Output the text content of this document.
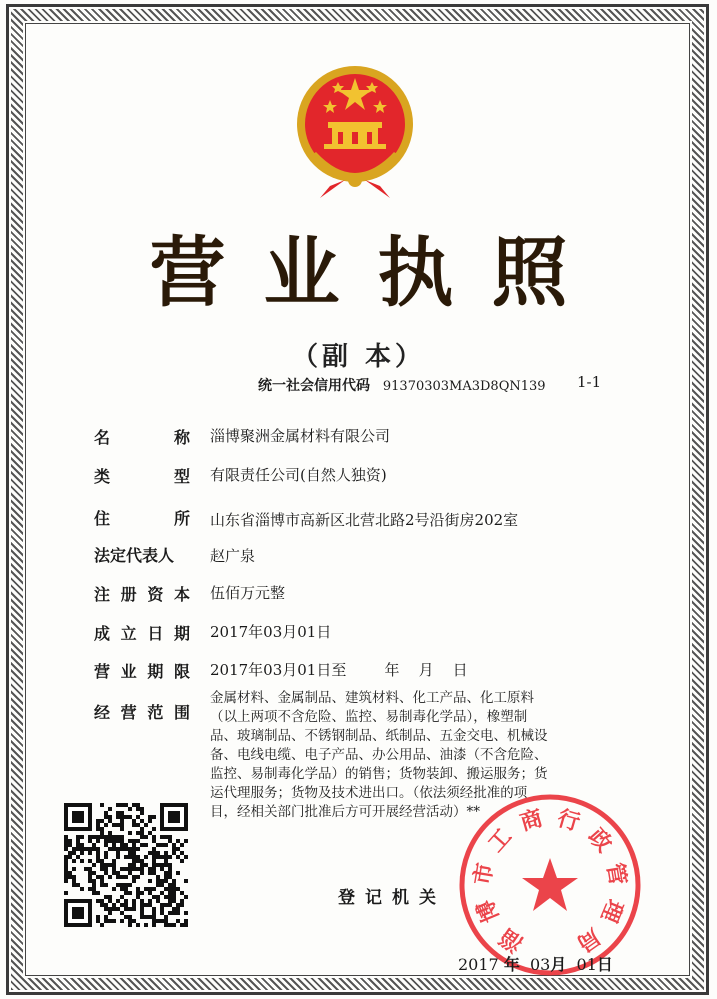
营业执照
（副 本）
统一社会信用代码 91370303MA3D8QN139 1-1
名 称 淄博聚洲金属材料有限公司
类 型 有限责任公司(自然人独资)
住 所 山东省淄博市高新区北营北路2号沿街房202室
法定代表人 赵广泉
注册资本 伍佰万元整
成立日期 2017年03月01日
营业期限 2017年03月01日至        年    月    日
经营范围

金属材料、金属制品、建筑材料、化工产品、化工原料

（以上两项不含危险、监控、易制毒化学品），橡塑制

品、玻璃制品、不锈钢制品、纸制品、五金交电、机械设

备、电线电缆、电子产品、办公用品、油漆（不含危险、

监控、易制毒化学品）的销售；货物装卸、搬运服务；货

运代理服务；货物及技术进出口。（依法须经批准的项

目，经相关部门批准后方可开展经营活动）**

登记机关
淄
博
市
工
商 行
政
管
理
局
2017 年 03月 01日
